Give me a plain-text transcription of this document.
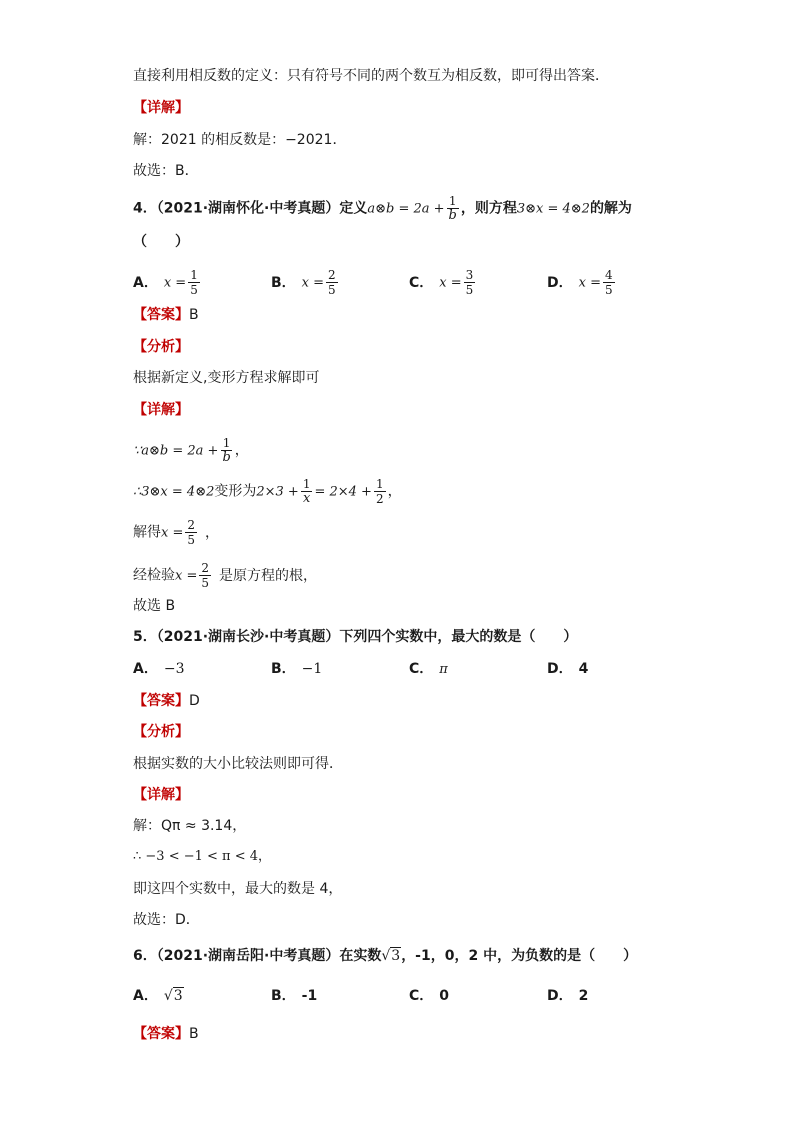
直接利用相反数的定义：只有符号不同的两个数互为相反数，即可得出答案．
【详解】
解：2021 的相反数是：−2021．
故选：B．
4．（2021·湖南怀化·中考真题）定义a⊗b = $2a + \frac{1}{b}$ ，则方程3⊗x = 4⊗2的解为
（　　）
A． $x = \frac{1}{5}$	B． $x = \frac{2}{5}$	C． $x = \frac{3}{5}$	D． $x = \frac{4}{5}$
【答案】B
【分析】
根据新定义,变形方程求解即可
【详解】
∵a⊗b = $2a + \frac{1}{b}$ ，
∴3⊗x = 4⊗2变形为$2\times 3 + \frac{1}{x} = 2\times 4 + \frac{1}{2}$ ，
解得$x = \frac{2}{5}$ ，
经检验$x = \frac{2}{5}$ 是原方程的根，
故选 B
5．（2021·湖南长沙·中考真题）下列四个实数中，最大的数是（　　）
A． −3	B． −1	C． π	D． 4
【答案】D
【分析】
根据实数的大小比较法则即可得．
【详解】
解：Qπ ≈ 3.14，
∴ −3 < −1 < π < 4，
即这四个实数中，最大的数是 4，
故选：D．
6．（2021·湖南岳阳·中考真题）在实数√3，-1，0，2 中，为负数的是（　　）
A． √3	B． -1	C． 0	D． 2
【答案】B
